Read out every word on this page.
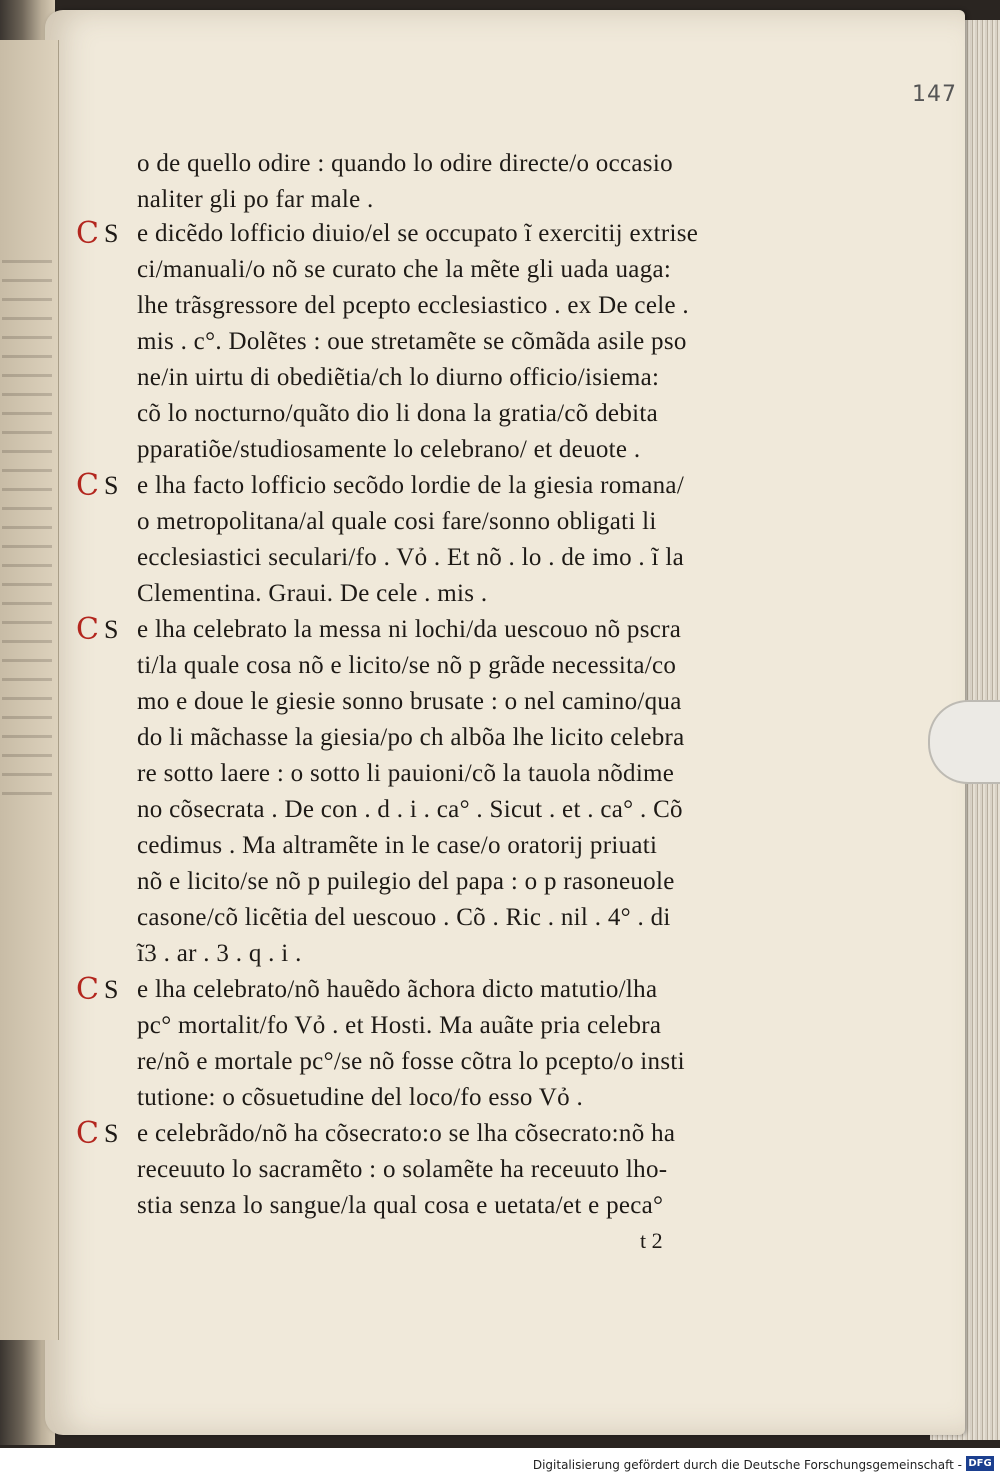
147
o de quello odire : quando lo odire directe/o occasio
naliter gli po far male .
C S e dicẽdo lofficio diuio/el se occupato ĩ exercitij extrise
ci/manuali/o nõ se curato che la mẽte gli uada uaga:
lhe trãsgressore del pcepto ecclesiastico . ex De cele .
mis . c°. Dolẽtes : oue stretamẽte se cõmãda asile pso
ne/in uirtu di obediẽtia/ch lo diurno officio/isiema:
cõ lo nocturno/quãto dio li dona la gratia/cõ debita
pparatiõe/studiosamente lo celebrano/ et deuote .
C S e lha facto lofficio secõdo lordie de la giesia romana/
o metropolitana/al quale cosi fare/sonno obligati li
ecclesiastici seculari/fo . Vỏ . Et nõ . lo . de imo . ĩ la
Clementina. Graui. De cele . mis .
C S e lha celebrato la messa ni lochi/da uescouo nõ pscra
ti/la quale cosa nõ e licito/se nõ p grãde necessita/co
mo e doue le giesie sonno brusate : o nel camino/qua
do li mãchasse la giesia/po ch albõa lhe licito celebra
re sotto laere : o sotto li pauioni/cõ la tauola nõdime
no cõsecrata . De con . d . i . ca° . Sicut . et . ca° . Cõ
cedimus . Ma altramẽte in le case/o oratorij priuati
nõ e licito/se nõ p puilegio del papa : o p rasoneuole
casone/cõ licẽtia del uescouo . Cõ . Ric . nil . 4° . di
ĩ3 . ar . 3 . q . i .
C S e lha celebrato/nõ hauẽdo ãchora dicto matutio/lha
pc° mortalit/fo Vỏ . et Hosti. Ma auãte pria celebra
re/nõ e mortale pc°/se nõ fosse cõtra lo pcepto/o insti
tutione: o cõsuetudine del loco/fo esso Vỏ .
C S e celebrãdo/nõ ha cõsecrato:o se lha cõsecrato:nõ ha
receuuto lo sacramẽto : o solamẽte ha receuuto lho-
stia senza lo sangue/la qual cosa e uetata/et e peca°
t 2
Digitalisierung gefördert durch die Deutsche Forschungsgemeinschaft - DFG
